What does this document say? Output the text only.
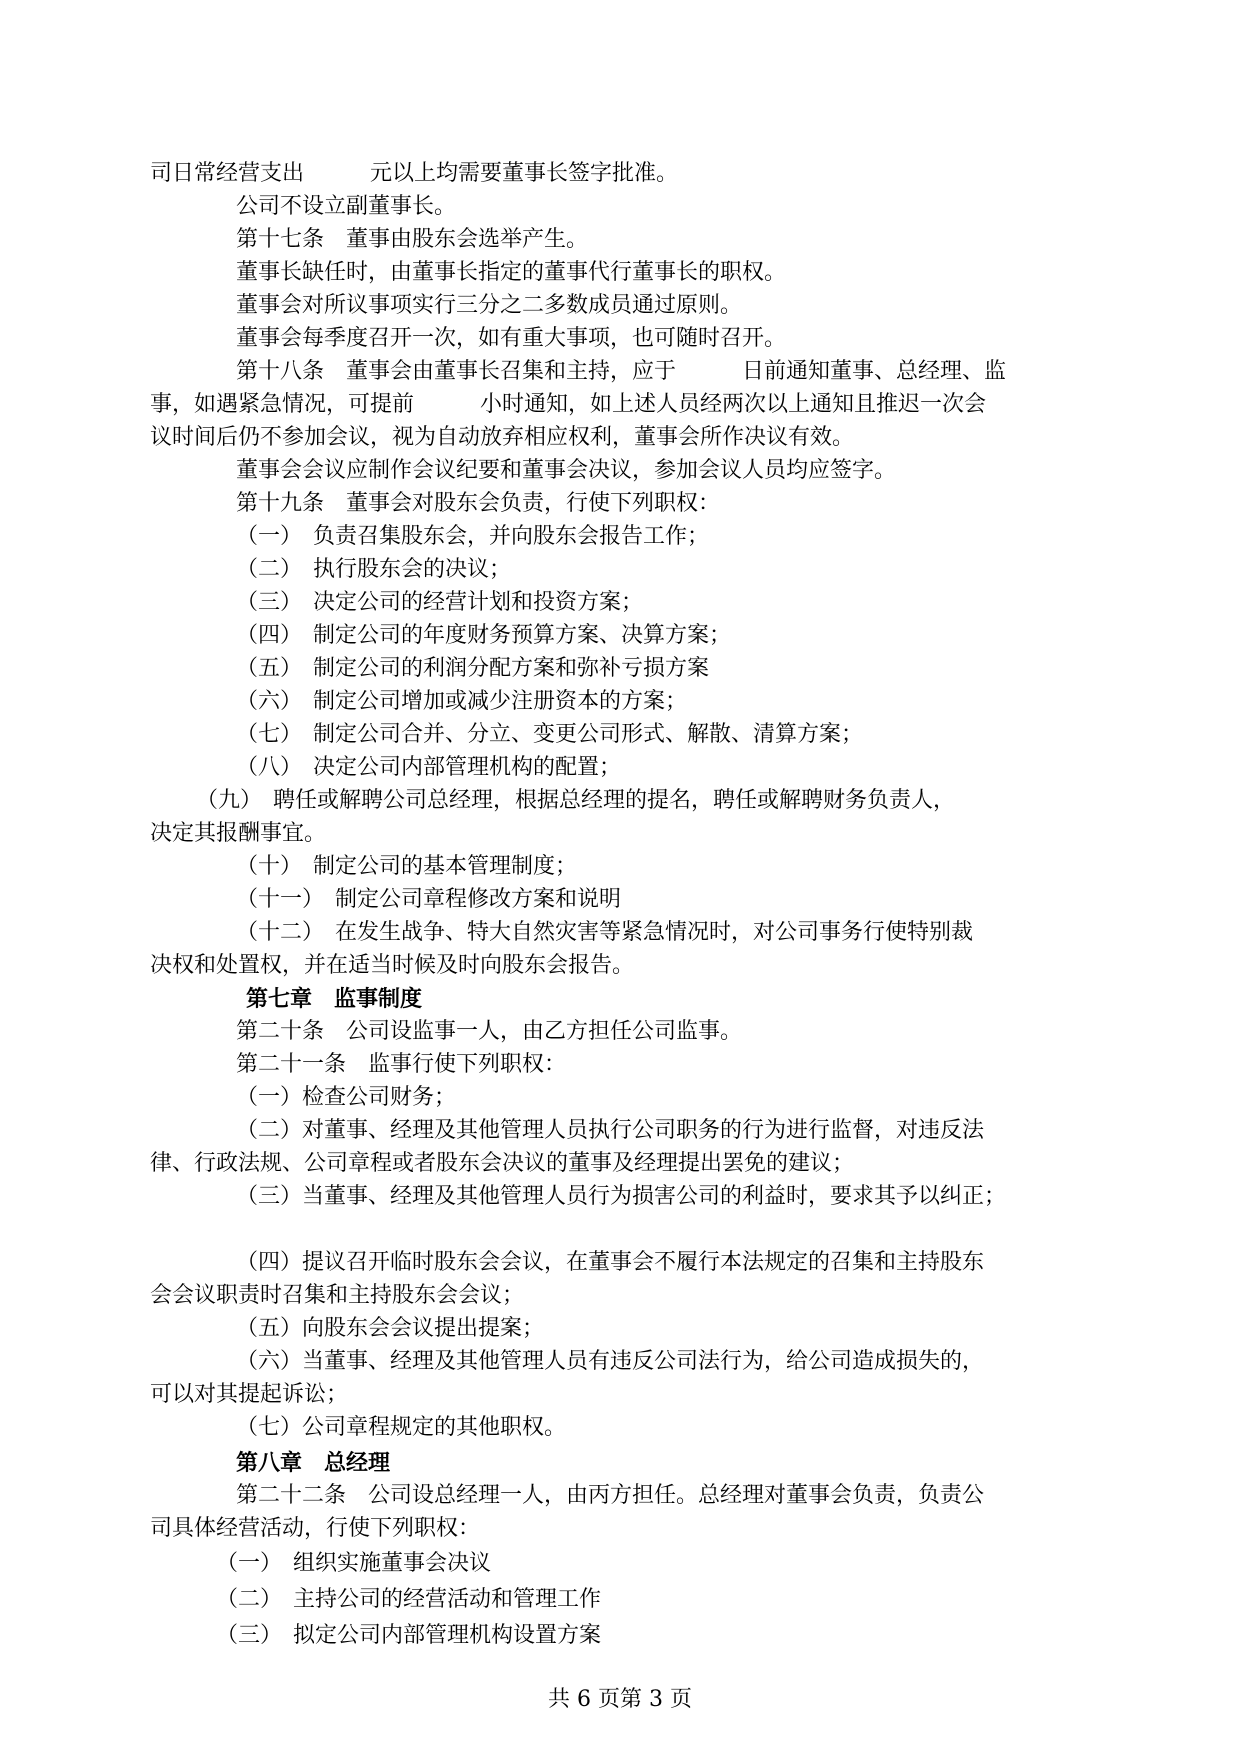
司日常经营支出　　　元以上均需要董事长签字批准。
公司不设立副董事长。
第十七条　董事由股东会选举产生。
董事长缺任时，由董事长指定的董事代行董事长的职权。
董事会对所议事项实行三分之二多数成员通过原则。
董事会每季度召开一次，如有重大事项，也可随时召开。
第十八条　董事会由董事长召集和主持，应于　　　日前通知董事、总经理、监
事，如遇紧急情况，可提前　　　小时通知，如上述人员经两次以上通知且推迟一次会
议时间后仍不参加会议，视为自动放弃相应权利，董事会所作决议有效。
董事会会议应制作会议纪要和董事会决议，参加会议人员均应签字。
第十九条　董事会对股东会负责，行使下列职权：
（一）　负责召集股东会，并向股东会报告工作；
（二）　执行股东会的决议；
（三）　决定公司的经营计划和投资方案；
（四）　制定公司的年度财务预算方案、决算方案；
（五）　制定公司的利润分配方案和弥补亏损方案
（六）　制定公司增加或减少注册资本的方案；
（七）　制定公司合并、分立、变更公司形式、解散、清算方案；
（八）　决定公司内部管理机构的配置；
（九）　聘任或解聘公司总经理，根据总经理的提名，聘任或解聘财务负责人，
决定其报酬事宜。
（十）　制定公司的基本管理制度；
（十一）　制定公司章程修改方案和说明
（十二）　在发生战争、特大自然灾害等紧急情况时，对公司事务行使特别裁
决权和处置权，并在适当时候及时向股东会报告。
第七章　监事制度
第二十条　公司设监事一人，由乙方担任公司监事。
第二十一条　监事行使下列职权：
（一）检查公司财务；
（二）对董事、经理及其他管理人员执行公司职务的行为进行监督，对违反法
律、行政法规、公司章程或者股东会决议的董事及经理提出罢免的建议；
（三）当董事、经理及其他管理人员行为损害公司的利益时，要求其予以纠正；
（四）提议召开临时股东会会议，在董事会不履行本法规定的召集和主持股东
会会议职责时召集和主持股东会会议；
（五）向股东会会议提出提案；
（六）当董事、经理及其他管理人员有违反公司法行为，给公司造成损失的，
可以对其提起诉讼；
（七）公司章程规定的其他职权。
第八章　总经理
第二十二条　公司设总经理一人，由丙方担任。总经理对董事会负责，负责公
司具体经营活动，行使下列职权：
（一）　组织实施董事会决议
（二）　主持公司的经营活动和管理工作
（三）　拟定公司内部管理机构设置方案
共 6 页第 3 页
